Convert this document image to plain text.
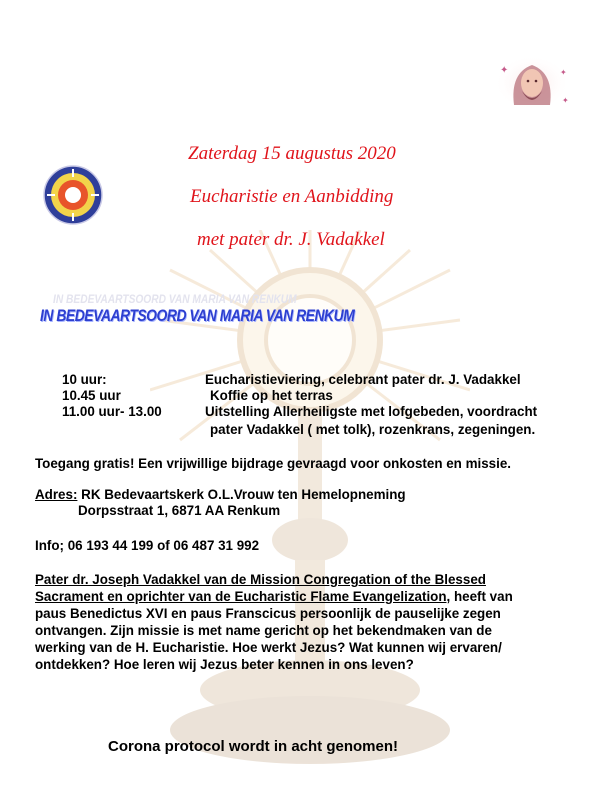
✦	✦
✦
Zaterdag 15 augustus 2020
Eucharistie en Aanbidding
met pater dr. J. Vadakkel
IN BEDEVAARTSOORD VAN MARIA VAN RENKUM
IN BEDEVAARTSOORD VAN MARIA VAN RENKUM
10 uur:	Eucharistieviering, celebrant pater dr. J. Vadakkel
10.45 uur	Koffie op het terras
11.00 uur- 13.00	Uitstelling Allerheiligste met lofgebeden, voordracht
pater Vadakkel ( met tolk), rozenkrans, zegeningen.
Toegang gratis! Een vrijwillige bijdrage gevraagd voor onkosten en missie.
Adres: RK Bedevaartskerk O.L.Vrouw ten Hemelopneming
Dorpsstraat 1, 6871 AA Renkum
Info; 06 193 44 199 of 06 487 31 992
Pater dr. Joseph Vadakkel van de Mission Congregation of the Blessed
Sacrament en oprichter van de Eucharistic Flame Evangelization, heeft van
paus Benedictus XVI en paus Franscicus persoonlijk de pauselijke zegen
ontvangen. Zijn missie is met name gericht op het bekendmaken van de
werking van de H. Eucharistie. Hoe werkt Jezus? Wat kunnen wij ervaren/
ontdekken? Hoe leren wij Jezus beter kennen in ons leven?
Corona protocol wordt in acht genomen!
